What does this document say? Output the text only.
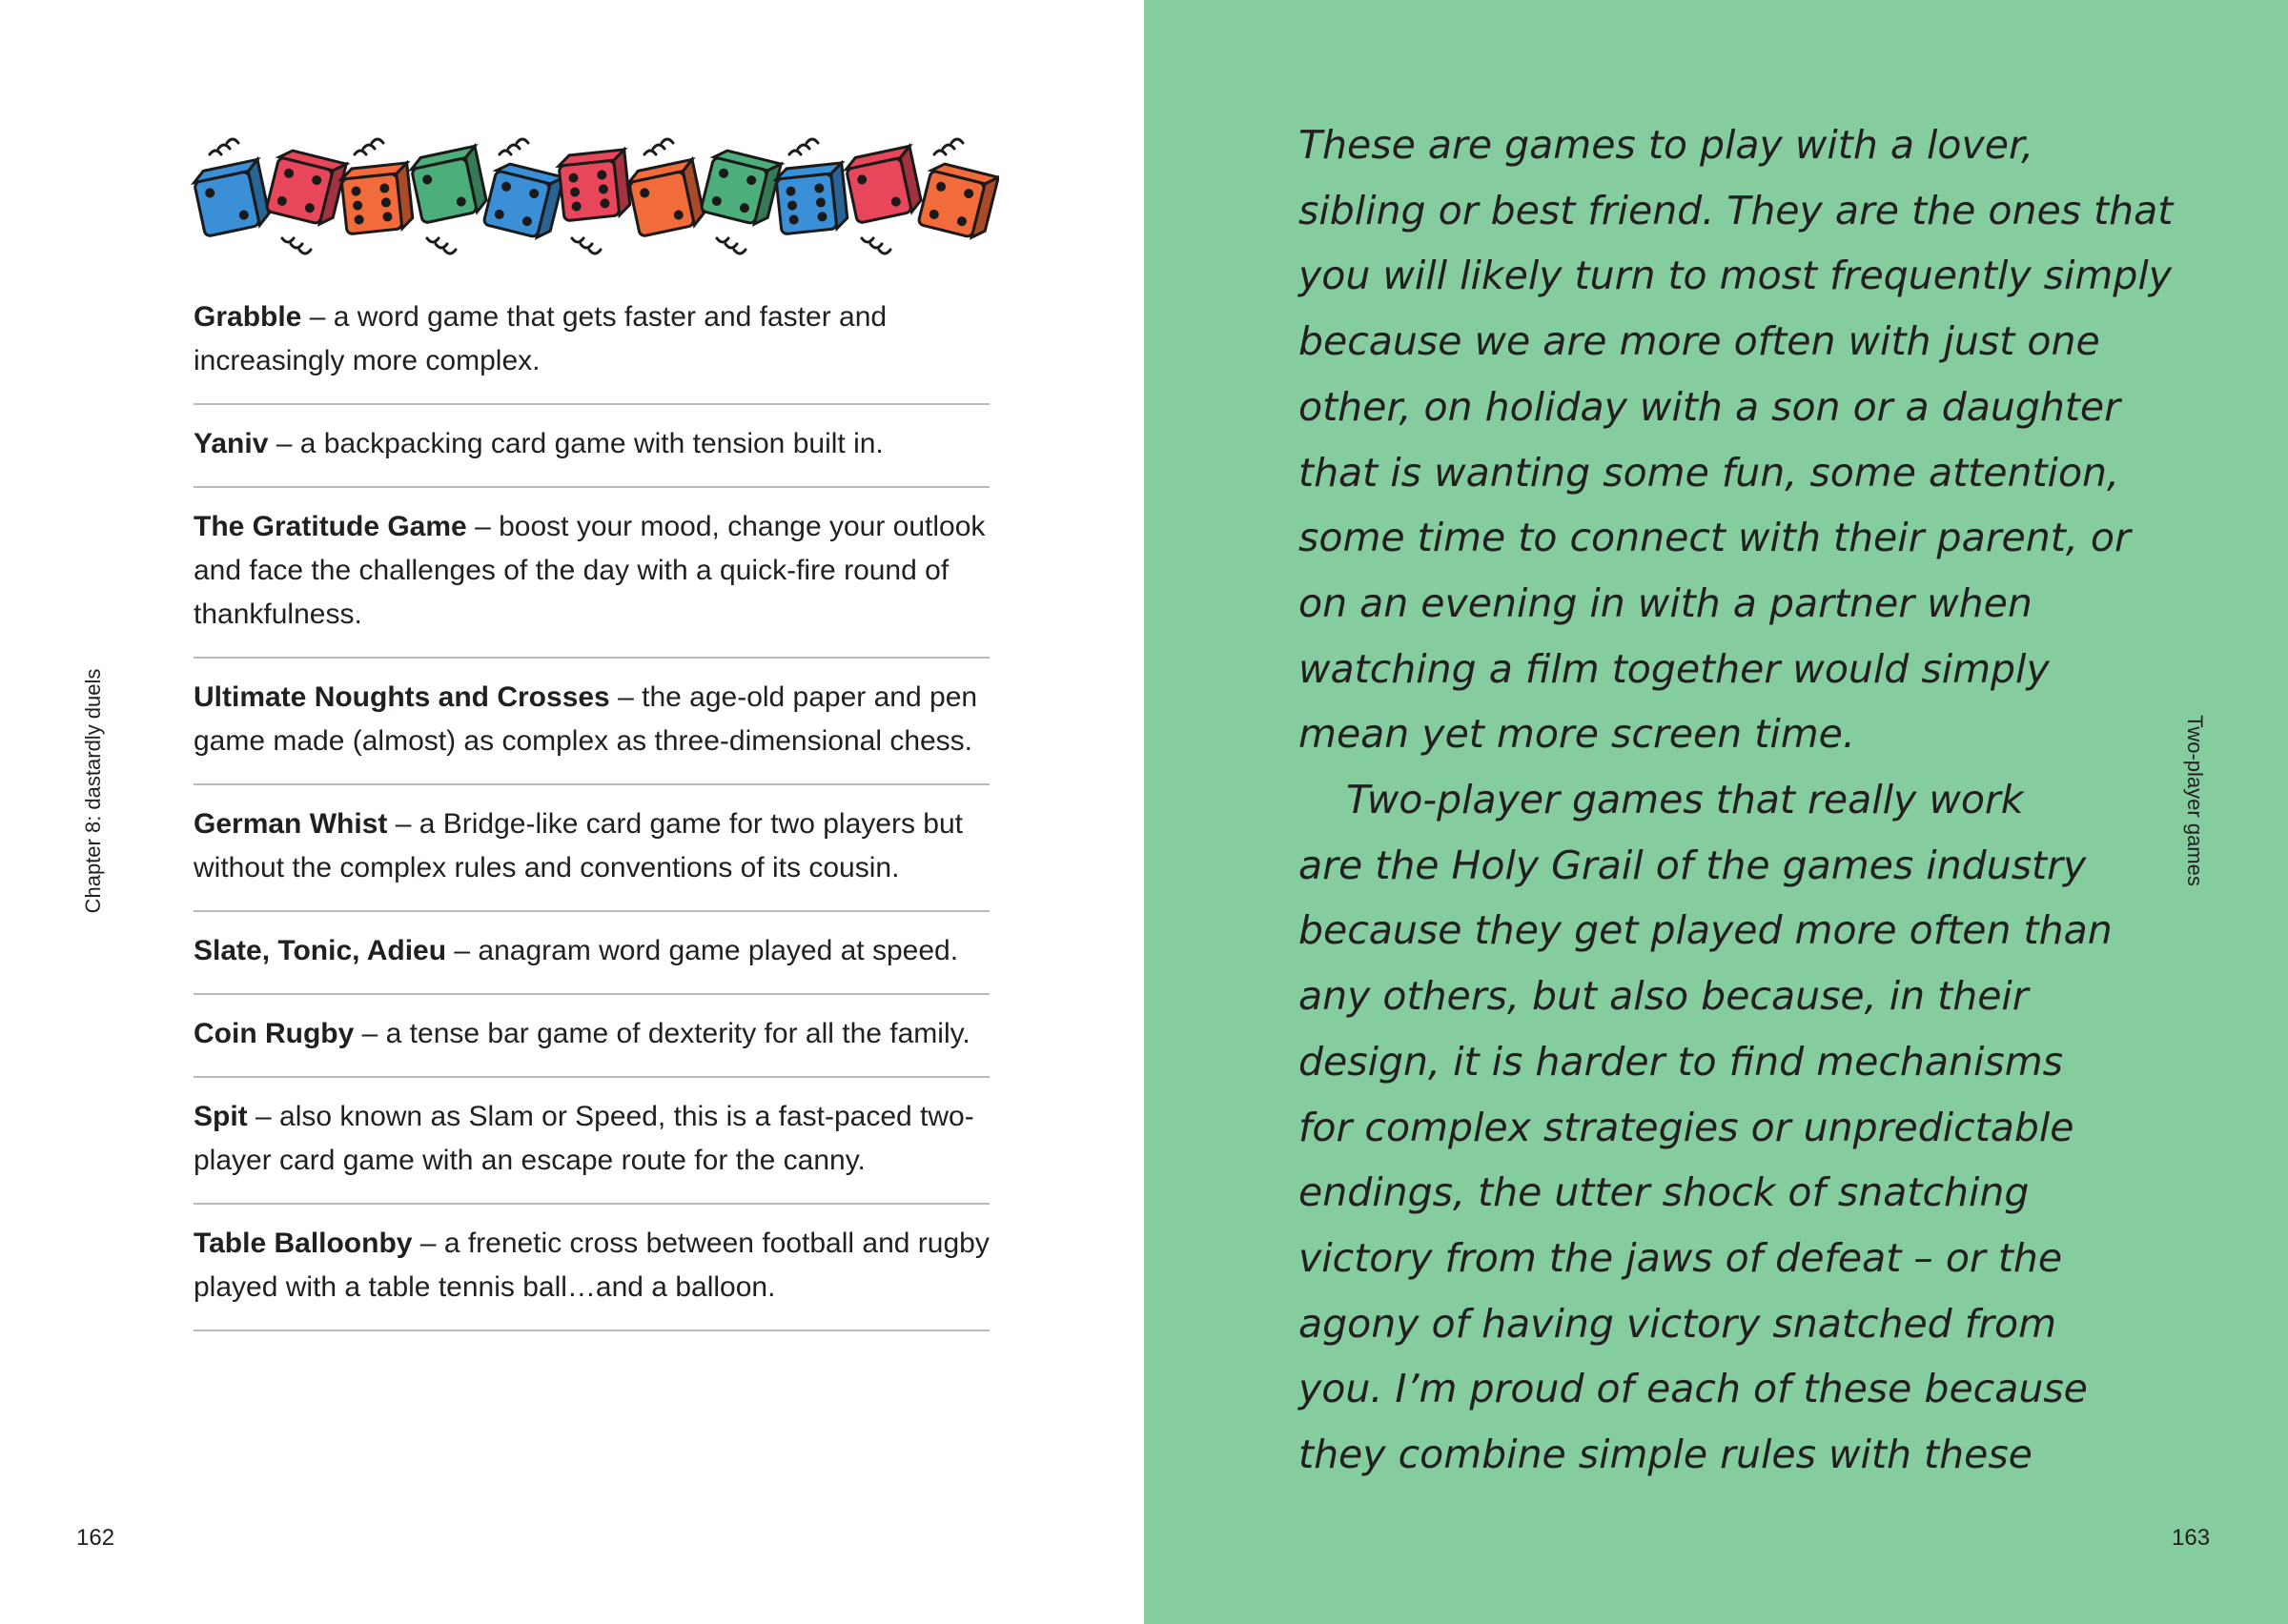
Grabble – a word game that gets faster and faster and increasingly more complex.
Yaniv – a backpacking card game with tension built in.
The Gratitude Game – boost your mood, change your outlook and face the challenges of the day with a quick-fire round of thankfulness.
Ultimate Noughts and Crosses – the age-old paper and pen game made (almost) as complex as three-dimensional chess.
German Whist – a Bridge-like card game for two players but without the complex rules and conventions of its cousin.
Slate, Tonic, Adieu – anagram word game played at speed.
Coin Rugby – a tense bar game of dexterity for all the family.
Spit – also known as Slam or Speed, this is a fast-paced two-player card game with an escape route for the canny.
Table Balloonby – a frenetic cross between football and rugby played with a table tennis ball…and a balloon.
Chapter 8: dastardly duels
162

These are games to play with a lover,
sibling or best friend. They are the ones that
you will likely turn to most frequently simply
because we are more often with just one
other, on holiday with a son or a daughter
that is wanting some fun, some attention,
some time to connect with their parent, or
on an evening in with a partner when
watching a film together would simply
mean yet more screen time.
Two-player games that really work
are the Holy Grail of the games industry
because they get played more often than
any others, but also because, in their
design, it is harder to find mechanisms
for complex strategies or unpredictable
endings, the utter shock of snatching
victory from the jaws of defeat – or the
agony of having victory snatched from
you. I’m proud of each of these because
they combine simple rules with these

Two-player games
163
